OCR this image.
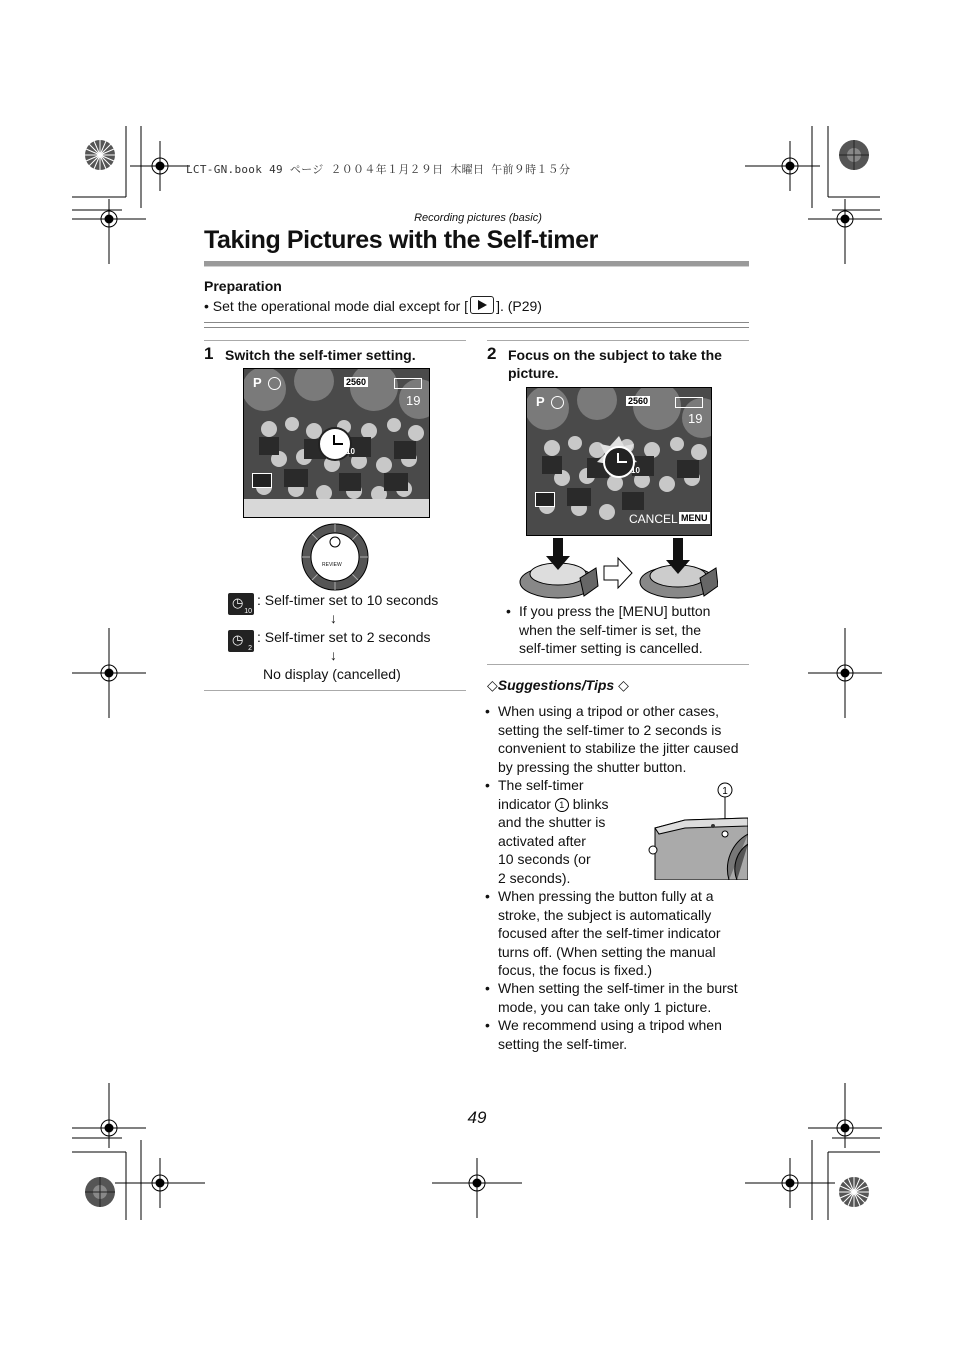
LCT-GN.book 49 ページ ２００４年１月２９日 木曜日 午前９時１５分
Recording pictures (basic)
Taking Pictures with the Self-timer
Preparation
• Set the operational mode dial except for [ ]. (P29)
1 Switch the self-timer setting.
P	2560
19
10
REVIEW
◷
10
: Self-timer set to 10 seconds
↓
◷
2
: Self-timer set to 2 seconds
↓
No display (cancelled)
2 Focus on the subject to take the
picture.
P	2560
19
10
CANCEL MENU
• If you press the [MENU] button
when the self-timer is set, the
self-timer setting is cancelled.
◇Suggestions/Tips ◇
• When using a tripod or other cases,
setting the self-timer to 2 seconds is
convenient to stabilize the jitter caused
by pressing the shutter button.
• The self-timer
indicator 1 blinks
and the shutter is
activated after
10 seconds (or
2 seconds).
1
• When pressing the button fully at a
stroke, the subject is automatically
focused after the self-timer indicator
turns off. (When setting the manual
focus, the focus is fixed.)
• When setting the self-timer in the burst
mode, you can take only 1 picture.
• We recommend using a tripod when
setting the self-timer.
49
